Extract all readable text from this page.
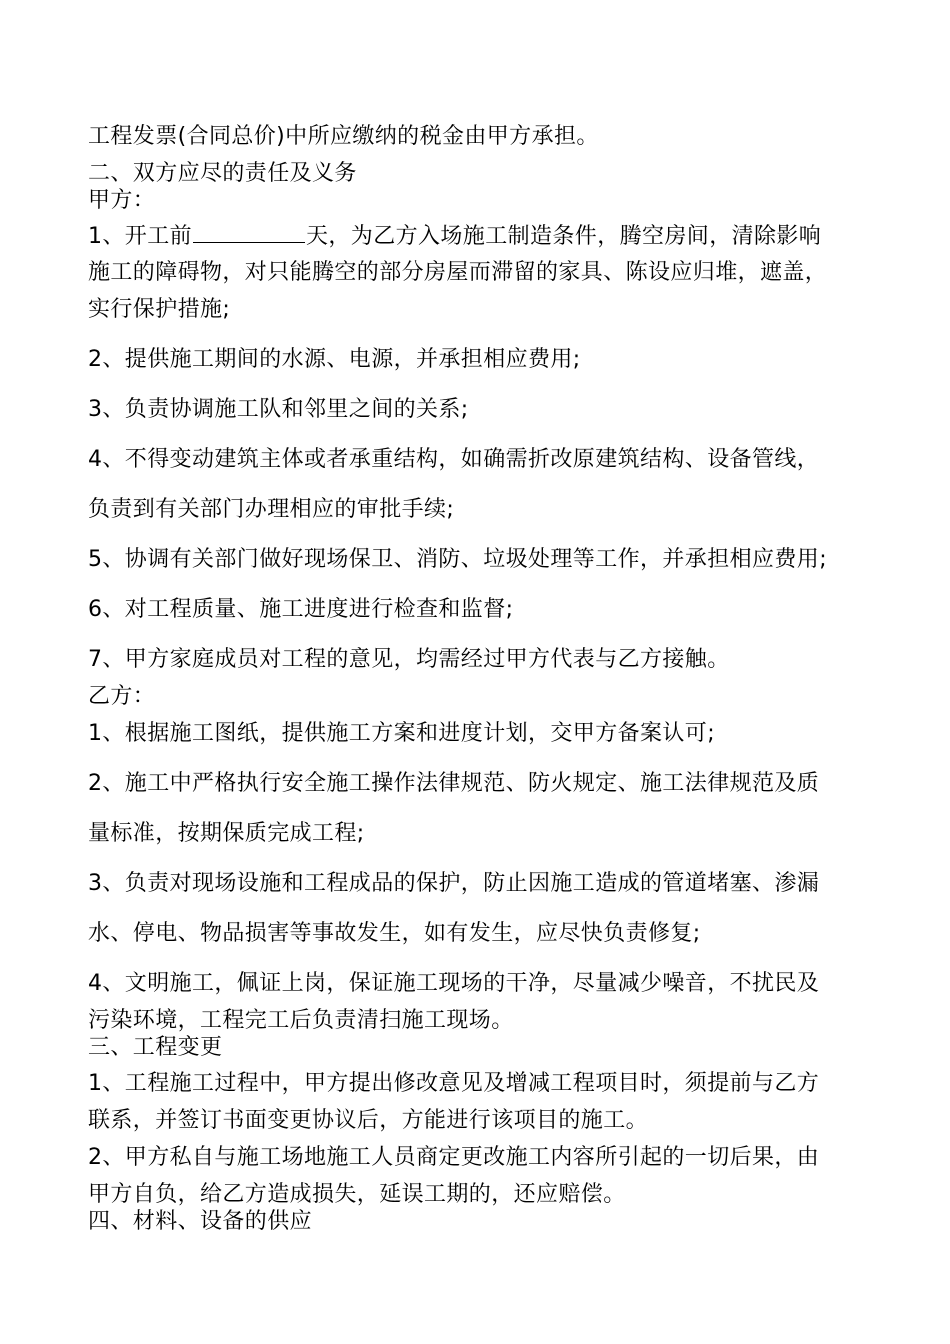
工程发票(合同总价)中所应缴纳的税金由甲方承担。
二、双方应尽的责任及义务
甲方：
1、开工前	天，为乙方入场施工制造条件，腾空房间，清除影响
施工的障碍物，对只能腾空的部分房屋而滞留的家具、陈设应归堆，遮盖，
实行保护措施;
2、提供施工期间的水源、电源，并承担相应费用;
3、负责协调施工队和邻里之间的关系;
4、不得变动建筑主体或者承重结构，如确需折改原建筑结构、设备管线，
负责到有关部门办理相应的审批手续;
5、协调有关部门做好现场保卫、消防、垃圾处理等工作，并承担相应费用;
6、对工程质量、施工进度进行检查和监督;
7、甲方家庭成员对工程的意见，均需经过甲方代表与乙方接触。
乙方：
1、根据施工图纸，提供施工方案和进度计划，交甲方备案认可;
2、施工中严格执行安全施工操作法律规范、防火规定、施工法律规范及质
量标准，按期保质完成工程;
3、负责对现场设施和工程成品的保护，防止因施工造成的管道堵塞、渗漏
水、停电、物品损害等事故发生，如有发生，应尽快负责修复;
4、文明施工，佩证上岗，保证施工现场的干净，尽量减少噪音，不扰民及
污染环境，工程完工后负责清扫施工现场。
三、工程变更
1、工程施工过程中，甲方提出修改意见及增减工程项目时，须提前与乙方
联系，并签订书面变更协议后，方能进行该项目的施工。
2、甲方私自与施工场地施工人员商定更改施工内容所引起的一切后果，由
甲方自负，给乙方造成损失，延误工期的，还应赔偿。
四、材料、设备的供应
